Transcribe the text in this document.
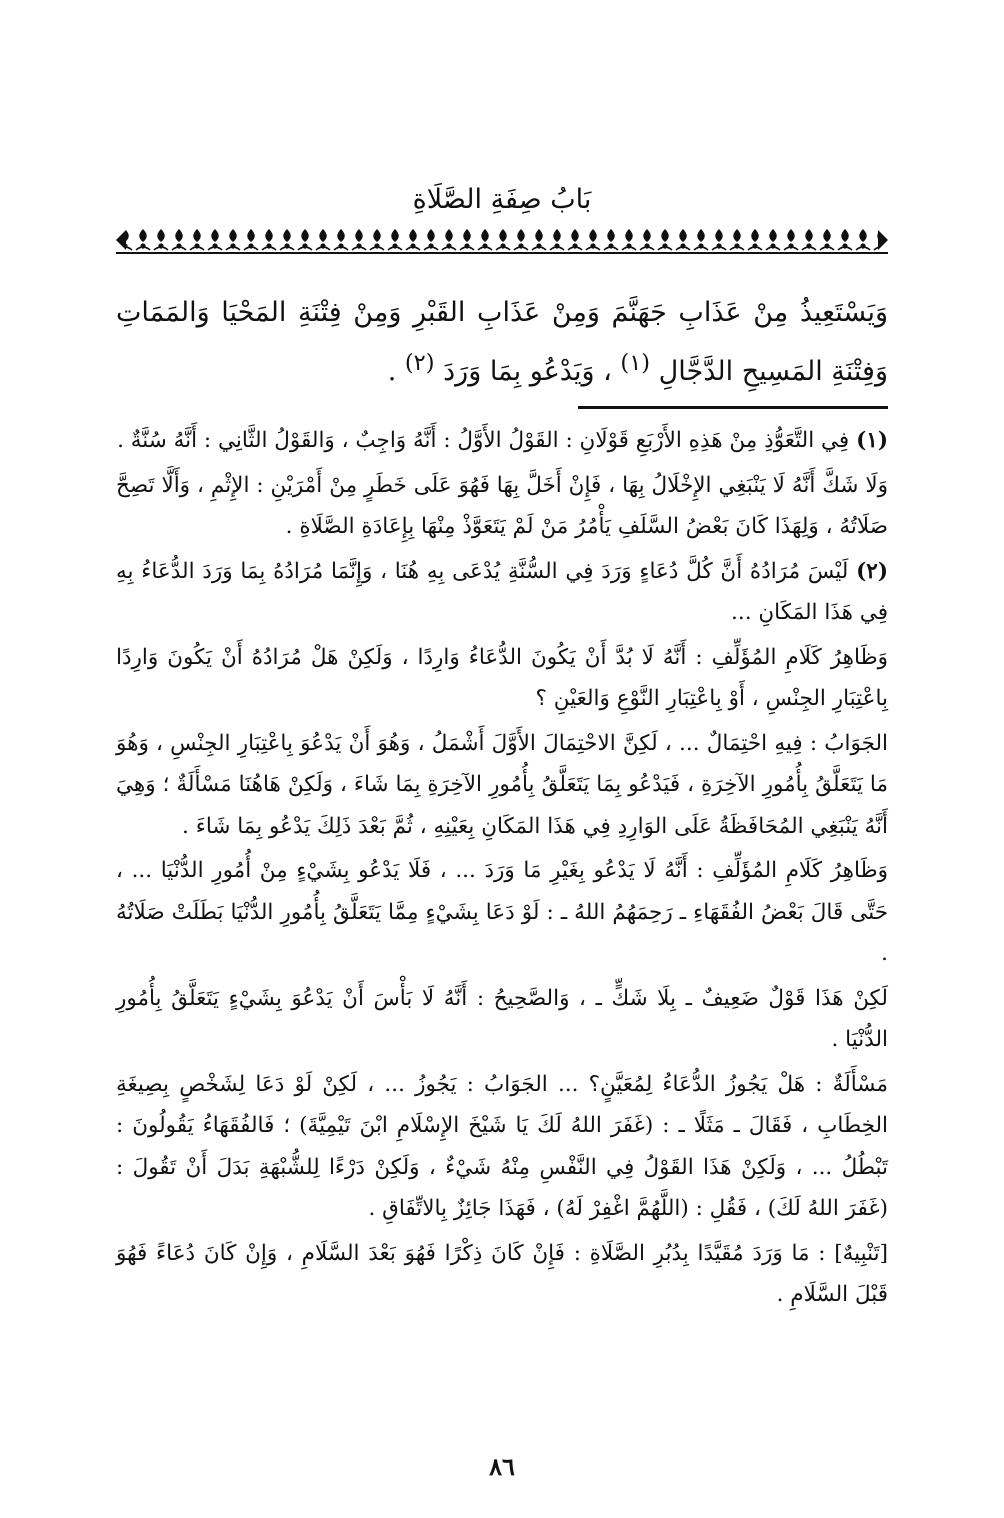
بَابُ صِفَةِ الصَّلَاةِ
وَيَسْتَعِيذُ مِنْ عَذَابِ جَهَنَّمَ وَمِنْ عَذَابِ القَبْرِ وَمِنْ فِتْنَةِ المَحْيَا وَالمَمَاتِ وَفِتْنَةِ المَسِيحِ الدَّجَّالِ $^{(١)}$ ، وَيَدْعُو بِمَا وَرَدَ $^{(٢)}$ .

(١) فِي التَّعَوُّذِ مِنْ هَذِهِ الأَرْبَعِ قَوْلَانِ : القَوْلُ الأَوَّلُ : أَنَّهُ وَاجِبٌ ، وَالقَوْلُ الثَّانِي : أَنَّهُ سُنَّةٌ .

وَلَا شَكَّ أَنَّهُ لَا يَنْبَغِي الإِخْلَالُ بِهَا ، فَإِنْ أَخَلَّ بِهَا فَهُوَ عَلَى خَطَرٍ مِنْ أَمْرَيْنِ : الإِثْمِ ، وَأَلَّا تَصِحَّ صَلَاتُهُ ، وَلِهَذَا كَانَ بَعْضُ السَّلَفِ يَأْمُرُ مَنْ لَمْ يَتَعَوَّذْ مِنْهَا بِإِعَادَةِ الصَّلَاةِ .

(٢) لَيْسَ مُرَادُهُ أَنَّ كُلَّ دُعَاءٍ وَرَدَ فِي السُّنَّةِ يُدْعَى بِهِ هُنَا ، وَإِنَّمَا مُرَادُهُ بِمَا وَرَدَ الدُّعَاءُ بِهِ فِي هَذَا المَكَانِ ...

وَظَاهِرُ كَلَامِ المُؤَلِّفِ : أَنَّهُ لَا بُدَّ أَنْ يَكُونَ الدُّعَاءُ وَارِدًا ، وَلَكِنْ هَلْ مُرَادُهُ أَنْ يَكُونَ وَارِدًا بِاعْتِبَارِ الجِنْسِ ، أَوْ بِاعْتِبَارِ النَّوْعِ وَالعَيْنِ ؟

الجَوَابُ : فِيهِ احْتِمَالٌ ... ، لَكِنَّ الاحْتِمَالَ الأَوَّلَ أَشْمَلُ ، وَهُوَ أَنْ يَدْعُوَ بِاعْتِبَارِ الجِنْسِ ، وَهُوَ مَا يَتَعَلَّقُ بِأُمُورِ الآخِرَةِ ، فَيَدْعُو بِمَا يَتَعَلَّقُ بِأُمُورِ الآخِرَةِ بِمَا شَاءَ ، وَلَكِنْ هَاهُنَا مَسْأَلَةٌ ؛ وَهِيَ أَنَّهُ يَنْبَغِي المُحَافَظَةُ عَلَى الوَارِدِ فِي هَذَا المَكَانِ بِعَيْنِهِ ، ثُمَّ بَعْدَ ذَلِكَ يَدْعُو بِمَا شَاءَ .

وَظَاهِرُ كَلَامِ المُؤَلِّفِ : أَنَّهُ لَا يَدْعُو بِغَيْرِ مَا وَرَدَ ... ، فَلَا يَدْعُو بِشَيْءٍ مِنْ أُمُورِ الدُّنْيَا ... ، حَتَّى قَالَ بَعْضُ الفُقَهَاءِ ـ رَحِمَهُمُ اللهُ ـ : لَوْ دَعَا بِشَيْءٍ مِمَّا يَتَعَلَّقُ بِأُمُورِ الدُّنْيَا بَطَلَتْ صَلَاتُهُ .

لَكِنْ هَذَا قَوْلٌ ضَعِيفٌ ـ بِلَا شَكٍّ ـ ، وَالصَّحِيحُ : أَنَّهُ لَا بَأْسَ أَنْ يَدْعُوَ بِشَيْءٍ يَتَعَلَّقُ بِأُمُورِ الدُّنْيَا .

مَسْأَلَةٌ : هَلْ يَجُوزُ الدُّعَاءُ لِمُعَيَّنٍ؟ ... الجَوَابُ : يَجُوزُ ... ، لَكِنْ لَوْ دَعَا لِشَخْصٍ بِصِيغَةِ الخِطَابِ ، فَقَالَ ـ مَثَلًا ـ : (غَفَرَ اللهُ لَكَ يَا شَيْخَ الإِسْلَامِ ابْنَ تَيْمِيَّةَ) ؛ فَالفُقَهَاءُ يَقُولُونَ : تَبْطُلُ ... ، وَلَكِنْ هَذَا القَوْلُ فِي النَّفْسِ مِنْهُ شَيْءٌ ، وَلَكِنْ دَرْءًا لِلشُّبْهَةِ بَدَلَ أَنْ تَقُولَ : (غَفَرَ اللهُ لَكَ) ، فَقُلِ : (اللَّهُمَّ اغْفِرْ لَهُ) ، فَهَذَا جَائِزٌ بِالاتِّفَاقِ .

[تَنْبِيهٌ] : مَا وَرَدَ مُقَيَّدًا بِدُبُرِ الصَّلَاةِ : فَإِنْ كَانَ ذِكْرًا فَهُوَ بَعْدَ السَّلَامِ ، وَإِنْ كَانَ دُعَاءً فَهُوَ قَبْلَ السَّلَامِ .

٨٦
